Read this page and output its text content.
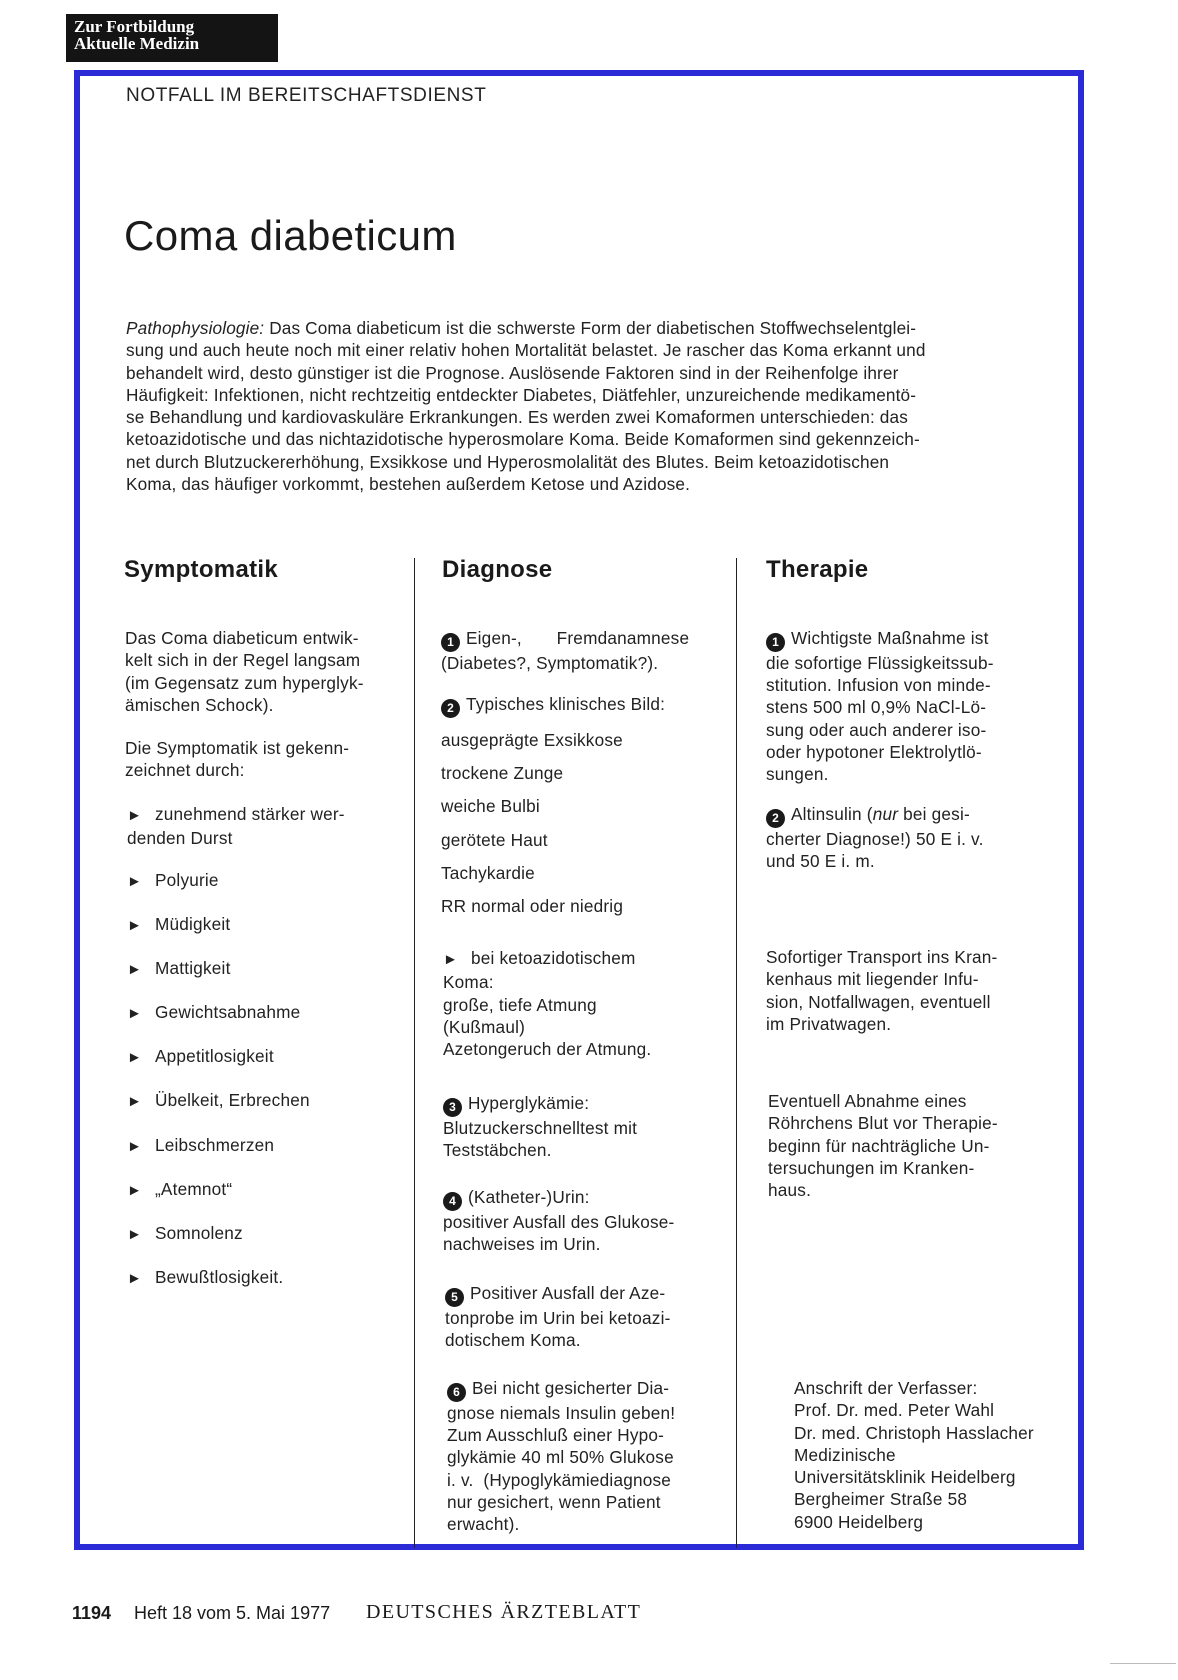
Zur Fortbildung
Aktuelle Medizin
NOTFALL IM BEREITSCHAFTSDIENST
Coma diabeticum
Pathophysiologie: Das Coma diabeticum ist die schwerste Form der diabetischen Stoffwechselentglei-
sung und auch heute noch mit einer relativ hohen Mortalität belastet. Je rascher das Koma erkannt und
behandelt wird, desto günstiger ist die Prognose. Auslösende Faktoren sind in der Reihenfolge ihrer
Häufigkeit: Infektionen, nicht rechtzeitig entdeckter Diabetes, Diätfehler, unzureichende medikamentö-
se Behandlung und kardiovaskuläre Erkrankungen. Es werden zwei Komaformen unterschieden: das
ketoazidotische und das nichtazidotische hyperosmolare Koma. Beide Komaformen sind gekennzeich-
net durch Blutzuckererhöhung, Exsikkose und Hyperosmolalität des Blutes. Beim ketoazidotischen
Koma, das häufiger vorkommt, bestehen außerdem Ketose und Azidose.
Symptomatik	Diagnose	Therapie
Das Coma diabeticum entwik-
kelt sich in der Regel langsam
(im Gegensatz zum hyperglyk-
ämischen Schock).
Die Symptomatik ist gekenn-
zeichnet durch:
► zunehmend stärker wer-
denden Durst
► Polyurie
► Müdigkeit
► Mattigkeit
► Gewichtsabnahme
► Appetitlosigkeit
► Übelkeit, Erbrechen
► Leibschmerzen
► „Atemnot“
► Somnolenz
► Bewußtlosigkeit.
1 Eigen-,       Fremdanamnese
(Diabetes?, Symptomatik?).
2 Typisches klinisches Bild:
ausgeprägte Exsikkose
trockene Zunge
weiche Bulbi
gerötete Haut
Tachykardie
RR normal oder niedrig
► bei ketoazidotischem
Koma:
große, tiefe Atmung
(Kußmaul)
Azetongeruch der Atmung.
3 Hyperglykämie:
Blutzuckerschnelltest mit
Teststäbchen.
4 (Katheter-)Urin:
positiver Ausfall des Glukose-
nachweises im Urin.
5 Positiver Ausfall der Aze-
tonprobe im Urin bei ketoazi-
dotischem Koma.
6 Bei nicht gesicherter Dia-
gnose niemals Insulin geben!
Zum Ausschluß einer Hypo-
glykämie 40 ml 50% Glukose
i. v.  (Hypoglykämiediagnose
nur gesichert, wenn Patient
erwacht).
1 Wichtigste Maßnahme ist
die sofortige Flüssigkeitssub-
stitution. Infusion von minde-
stens 500 ml 0,9% NaCl-Lö-
sung oder auch anderer iso-
oder hypotoner Elektrolytlö-
sungen.
2 Altinsulin (nur bei gesi-
cherter Diagnose!) 50 E i. v.
und 50 E i. m.
Sofortiger Transport ins Kran-
kenhaus mit liegender Infu-
sion, Notfallwagen, eventuell
im Privatwagen.
Eventuell Abnahme eines
Röhrchens Blut vor Therapie-
beginn für nachträgliche Un-
tersuchungen im Kranken-
haus.
Anschrift der Verfasser:
Prof. Dr. med. Peter Wahl
Dr. med. Christoph Hasslacher
Medizinische
Universitätsklinik Heidelberg
Bergheimer Straße 58
6900 Heidelberg
1194 Heft 18 vom 5. Mai 1977 DEUTSCHES ÄRZTEBLATT
